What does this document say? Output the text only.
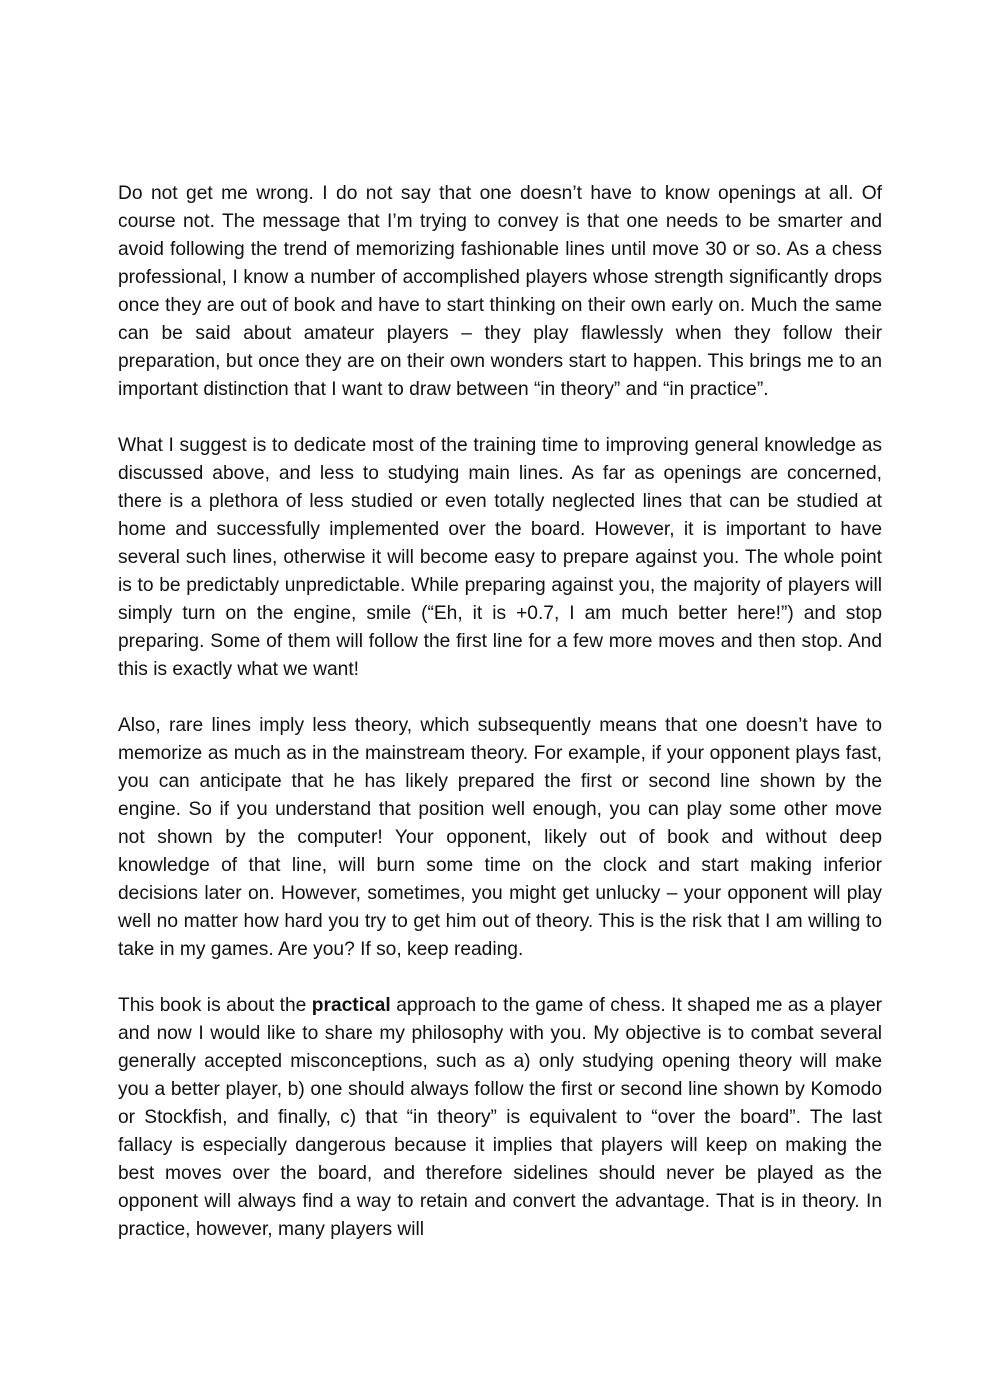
Do not get me wrong. I do not say that one doesn’t have to know openings at all. Of course not. The message that I’m trying to convey is that one needs to be smarter and avoid following the trend of memorizing fashionable lines until move 30 or so. As a chess professional, I know a number of accomplished players whose strength significantly drops once they are out of book and have to start thinking on their own early on. Much the same can be said about amateur players – they play flawlessly when they follow their preparation, but once they are on their own wonders start to happen. This brings me to an important distinction that I want to draw between “in theory” and “in practice”.

What I suggest is to dedicate most of the training time to improving general knowledge as discussed above, and less to studying main lines. As far as openings are concerned, there is a plethora of less studied or even totally neglected lines that can be studied at home and successfully implemented over the board. However, it is important to have several such lines, otherwise it will become easy to prepare against you. The whole point is to be predictably unpredictable. While preparing against you, the majority of players will simply turn on the engine, smile (“Eh, it is +0.7, I am much better here!”) and stop preparing. Some of them will follow the first line for a few more moves and then stop. And this is exactly what we want!

Also, rare lines imply less theory, which subsequently means that one doesn’t have to memorize as much as in the mainstream theory. For example, if your opponent plays fast, you can anticipate that he has likely prepared the first or second line shown by the engine. So if you understand that position well enough, you can play some other move not shown by the computer! Your opponent, likely out of book and without deep knowledge of that line, will burn some time on the clock and start making inferior decisions later on. However, sometimes, you might get unlucky – your opponent will play well no matter how hard you try to get him out of theory. This is the risk that I am willing to take in my games. Are you? If so, keep reading.

This book is about the practical approach to the game of chess. It shaped me as a player and now I would like to share my philosophy with you. My objective is to combat several generally accepted misconceptions, such as a) only studying opening theory will make you a better player, b) one should always follow the first or second line shown by Komodo or Stockfish, and finally, c) that “in theory” is equivalent to “over the board”. The last fallacy is especially dangerous because it implies that players will keep on making the best moves over the board, and therefore sidelines should never be played as the opponent will always find a way to retain and convert the advantage. That is in theory. In practice, however, many players will
